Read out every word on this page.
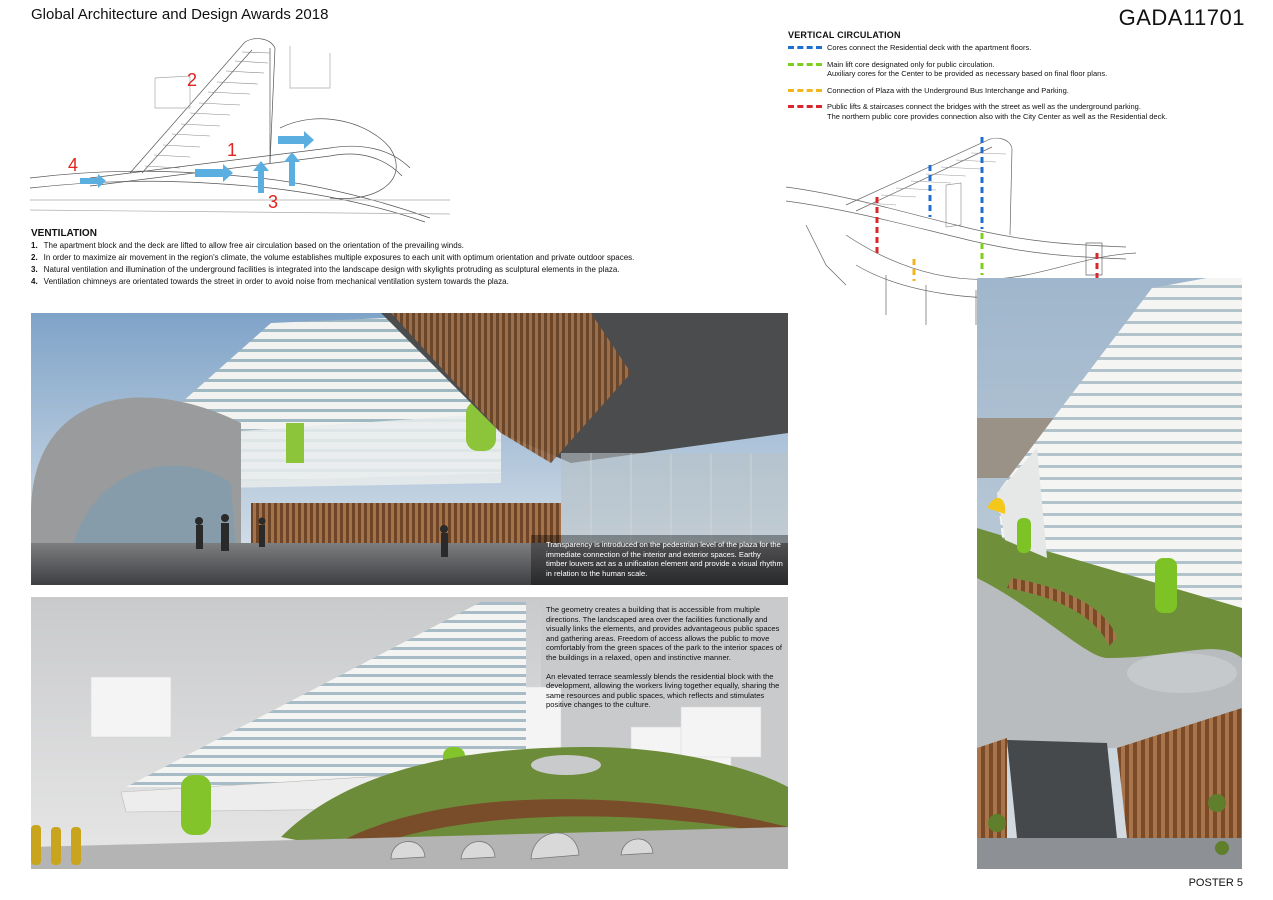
Global Architecture and Design Awards 2018	GADA11701
1
2
3
4
VENTILATION
1. The apartment block and the deck are lifted to allow free air circulation based on the orientation of the prevailing winds.
2. In order to maximize air movement in the region's climate, the volume establishes multiple exposures to each unit with optimum orientation and private outdoor spaces.
3. Natural ventilation and illumination of the underground facilities is integrated into the landscape design with skylights protruding as sculptural elements in the plaza.
4. Ventilation chimneys are orientated towards the street in order to avoid noise from mechanical ventilation system towards the plaza.
VERTICAL CIRCULATION
Cores connect the Residential deck with the apartment floors.
Main lift core designated only for public circulation.
Auxiliary cores for the Center to be provided as necessary based on final floor plans.
Connection of Plaza with the Underground Bus Interchange and Parking.
Public lifts & staircases connect the bridges with the street as well as the underground parking.
The northern public core provides connection also with the City Center as well as the Residential deck.
Transparency is introduced on the pedestrian level of the plaza for the immediate connection of the interior and exterior spaces. Earthy timber louvers act as a unification element and provide a visual rhythm in relation to the human scale.

The geometry creates a building that is accessible from multiple directions. The landscaped area over the facilities functionally and visually links the elements, and provides advantageous public spaces and gathering areas. Freedom of access allows the public to move comfortably from the green spaces of the park to the interior spaces of the buildings in a relaxed, open and instinctive manner.

An elevated terrace seamlessly blends the residential block with the development, allowing the workers living together equally, sharing the same resources and public spaces, which reflects and stimulates positive changes to the culture.

POSTER 5
